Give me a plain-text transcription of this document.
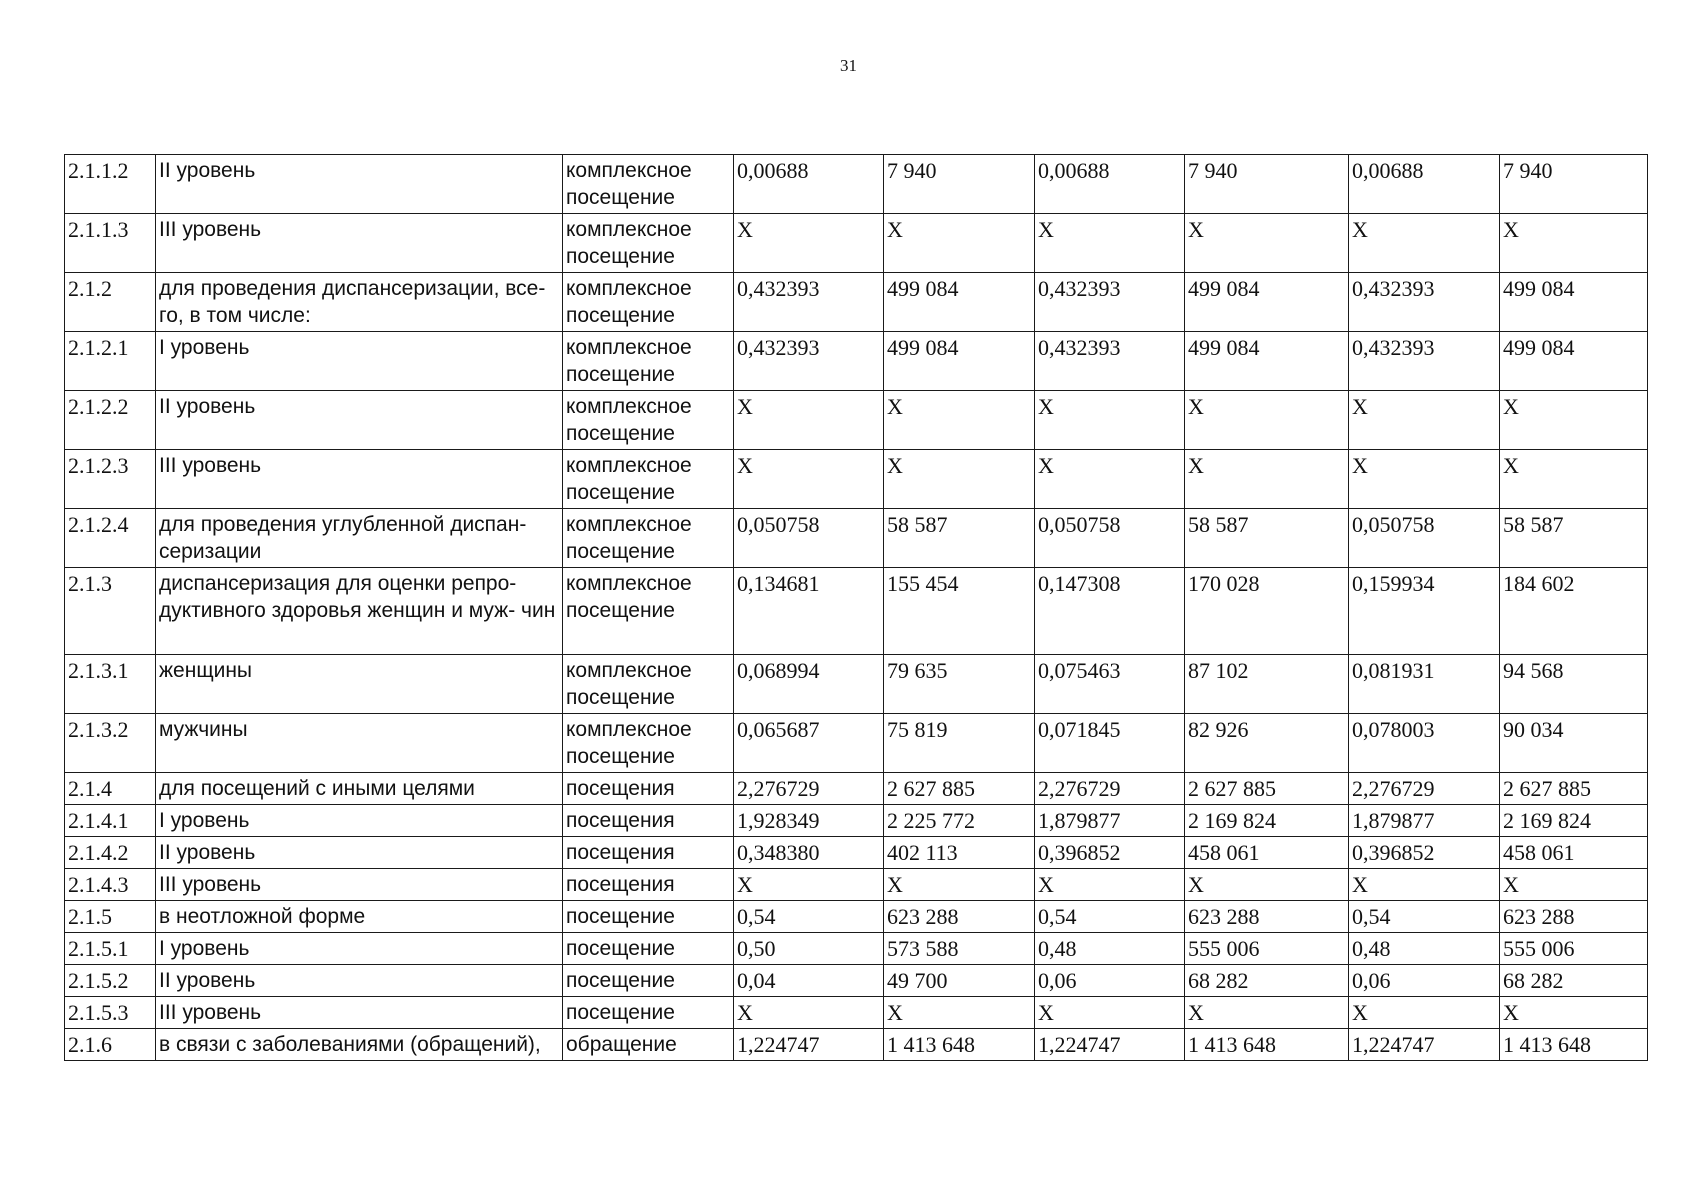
31
2.1.1.2	II уровень	комплексное посещение	0,00688	7 940	0,00688	7 940	0,00688	7 940
2.1.1.3	III уровень	комплексное посещение	X	X	X	X	X	X
2.1.2	для проведения диспансеризации, все- го, в том числе:	комплексное посещение	0,432393	499 084	0,432393	499 084	0,432393	499 084
2.1.2.1	I уровень	комплексное посещение	0,432393	499 084	0,432393	499 084	0,432393	499 084
2.1.2.2	II уровень	комплексное посещение	X	X	X	X	X	X
2.1.2.3	III уровень	комплексное посещение	X	X	X	X	X	X
2.1.2.4	для проведения углубленной диспан- серизации	комплексное посещение	0,050758	58 587	0,050758	58 587	0,050758	58 587
2.1.3	диспансеризация для оценки репро- дуктивного здоровья женщин и муж- чин	комплексное посещение	0,134681	155 454	0,147308	170 028	0,159934	184 602
2.1.3.1	женщины	комплексное посещение	0,068994	79 635	0,075463	87 102	0,081931	94 568
2.1.3.2	мужчины	комплексное посещение	0,065687	75 819	0,071845	82 926	0,078003	90 034
2.1.4	для посещений с иными целями	посещения	2,276729	2 627 885	2,276729	2 627 885	2,276729	2 627 885
2.1.4.1	I уровень	посещения	1,928349	2 225 772	1,879877	2 169 824	1,879877	2 169 824
2.1.4.2	II уровень	посещения	0,348380	402 113	0,396852	458 061	0,396852	458 061
2.1.4.3	III уровень	посещения	X	X	X	X	X	X
2.1.5	в неотложной форме	посещение	0,54	623 288	0,54	623 288	0,54	623 288
2.1.5.1	I уровень	посещение	0,50	573 588	0,48	555 006	0,48	555 006
2.1.5.2	II уровень	посещение	0,04	49 700	0,06	68 282	0,06	68 282
2.1.5.3	III уровень	посещение	X	X	X	X	X	X
2.1.6	в связи с заболеваниями (обращений),	обращение	1,224747	1 413 648	1,224747	1 413 648	1,224747	1 413 648
